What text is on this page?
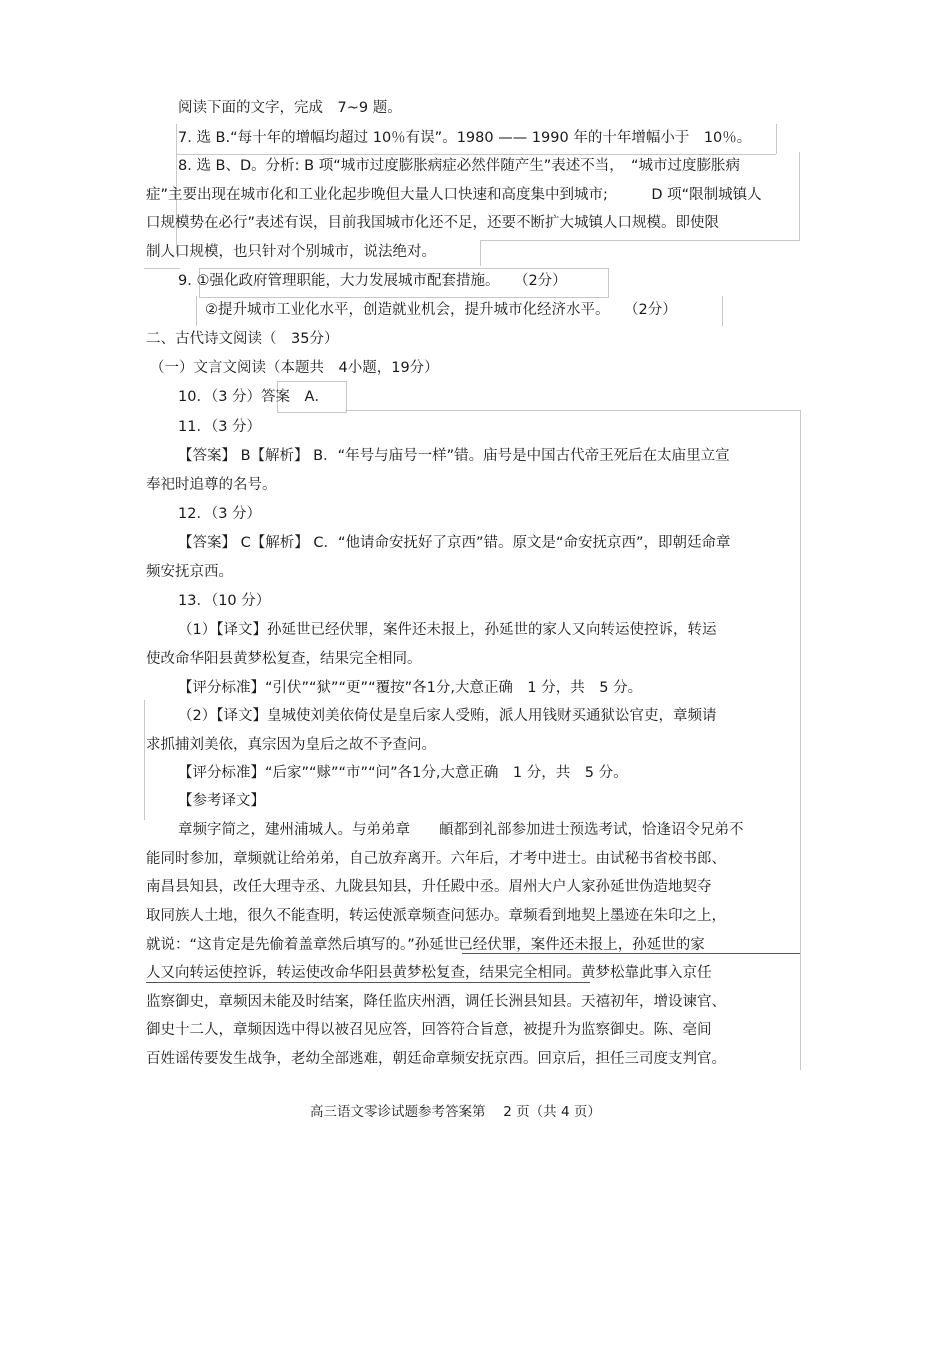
阅读下面的文字，完成　7~9 题。
7. 选 B.“每十年的增幅均超过 10％有误”。1980 —— 1990 年的十年增幅小于　10％。
8. 选 B、D。分析: B 项“城市过度膨胀病症必然伴随产生”表述不当，　“城市过度膨胀病
症”主要出现在城市化和工业化起步晚但大量人口快速和高度集中到城市;　　　D 项“限制城镇人
口规模势在必行”表述有误，目前我国城市化还不足，还要不断扩大城镇人口规模。即使限
制人口规模，也只针对个别城市，说法绝对。
9. ①强化政府管理职能，大力发展城市配套措施。　　（2分）
②提升城市工业化水平，创造就业机会，提升城市化经济水平。　　（2分）
二、古代诗文阅读（　35分）
（一）文言文阅读（本题共　4小题，19分）
10．（3 分）答案　A．
11．（3 分）
【答案】 B【解析】 B．“年号与庙号一样”错。庙号是中国古代帝王死后在太庙里立宣
奉祀时追尊的名号。
12．（3 分）
【答案】 C【解析】 C．“他请命安抚好了京西”错。原文是“命安抚京西”，即朝廷命章
频安抚京西。
13．（10 分）
（1）【译文】孙延世已经伏罪，案件还未报上，孙延世的家人又向转运使控诉，转运
使改命华阳县黄梦松复查，结果完全相同。
【评分标准】“引伏”“狱”“更”“覆按”各1分,大意正确　1 分，共　5 分。
（2）【译文】皇城使刘美依倚仗是皇后家人受贿，派人用钱财买通狱讼官吏，章频请
求抓捕刘美依，真宗因为皇后之故不予查问。
【评分标准】“后家”“赇”“市”“问”各1分,大意正确　1 分，共　5 分。
【参考译文】
章频字简之，建州浦城人。与弟弟章　　頔都到礼部参加进士预选考试，恰逢诏令兄弟不
能同时参加，章频就让给弟弟，自己放弃离开。六年后，才考中进士。由试秘书省校书郎、
南昌县知县，改任大理寺丞、九陇县知县，升任殿中丞。眉州大户人家孙延世伪造地契夺
取同族人土地，很久不能查明，转运使派章频查问惩办。章频看到地契上墨迹在朱印之上，
就说：“这肯定是先偷着盖章然后填写的。”孙延世已经伏罪，案件还未报上，孙延世的家
人又向转运使控诉，转运使改命华阳县黄梦松复查，结果完全相同。黄梦松靠此事入京任
监察御史，章频因未能及时结案，降任监庆州酒，调任长洲县知县。天禧初年，增设谏官、
御史十二人，章频因选中得以被召见应答，回答符合旨意，被提升为监察御史。陈、亳间
百姓谣传要发生战争，老幼全部逃难，朝廷命章频安抚京西。回京后，担任三司度支判官。
高三语文零诊试题参考答案第　 2 页（共 4 页）
